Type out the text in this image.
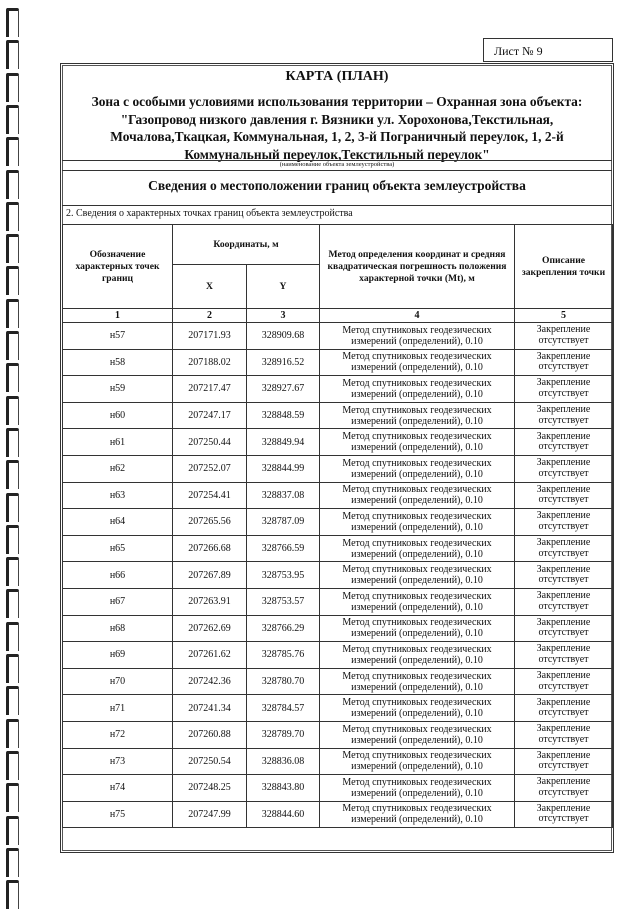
Лист № 9
КАРТА (ПЛАН)
Зона с особыми условиями использования территории – Охранная зона объекта: "Газопровод низкого давления г. Вязники ул. Хорохонова,Текстильная, Мочалова,Ткацкая, Коммунальная, 1, 2, 3-й Пограничный переулок, 1, 2-й Коммунальный переулок,Текстильный переулок"
(наименование объекта землеустройства)
Сведения о местоположении границ объекта землеустройства
2. Сведения о характерных точках границ объекта землеустройства
Обозначение характерных точек границ	Координаты, м		Метод определения координат и средняя квадратическая погрешность положения характерной точки (Mt), м	Описание закрепления точки
	X	Y		
1	2	3	4	5
н57	207171.93	328909.68	Метод спутниковых геодезических измерений (определений), 0.10	Закрепление отсутствует
н58	207188.02	328916.52	Метод спутниковых геодезических измерений (определений), 0.10	Закрепление отсутствует
н59	207217.47	328927.67	Метод спутниковых геодезических измерений (определений), 0.10	Закрепление отсутствует
н60	207247.17	328848.59	Метод спутниковых геодезических измерений (определений), 0.10	Закрепление отсутствует
н61	207250.44	328849.94	Метод спутниковых геодезических измерений (определений), 0.10	Закрепление отсутствует
н62	207252.07	328844.99	Метод спутниковых геодезических измерений (определений), 0.10	Закрепление отсутствует
н63	207254.41	328837.08	Метод спутниковых геодезических измерений (определений), 0.10	Закрепление отсутствует
н64	207265.56	328787.09	Метод спутниковых геодезических измерений (определений), 0.10	Закрепление отсутствует
н65	207266.68	328766.59	Метод спутниковых геодезических измерений (определений), 0.10	Закрепление отсутствует
н66	207267.89	328753.95	Метод спутниковых геодезических измерений (определений), 0.10	Закрепление отсутствует
н67	207263.91	328753.57	Метод спутниковых геодезических измерений (определений), 0.10	Закрепление отсутствует
н68	207262.69	328766.29	Метод спутниковых геодезических измерений (определений), 0.10	Закрепление отсутствует
н69	207261.62	328785.76	Метод спутниковых геодезических измерений (определений), 0.10	Закрепление отсутствует
н70	207242.36	328780.70	Метод спутниковых геодезических измерений (определений), 0.10	Закрепление отсутствует
н71	207241.34	328784.57	Метод спутниковых геодезических измерений (определений), 0.10	Закрепление отсутствует
н72	207260.88	328789.70	Метод спутниковых геодезических измерений (определений), 0.10	Закрепление отсутствует
н73	207250.54	328836.08	Метод спутниковых геодезических измерений (определений), 0.10	Закрепление отсутствует
н74	207248.25	328843.80	Метод спутниковых геодезических измерений (определений), 0.10	Закрепление отсутствует
н75	207247.99	328844.60	Метод спутниковых геодезических измерений (определений), 0.10	Закрепление отсутствует
